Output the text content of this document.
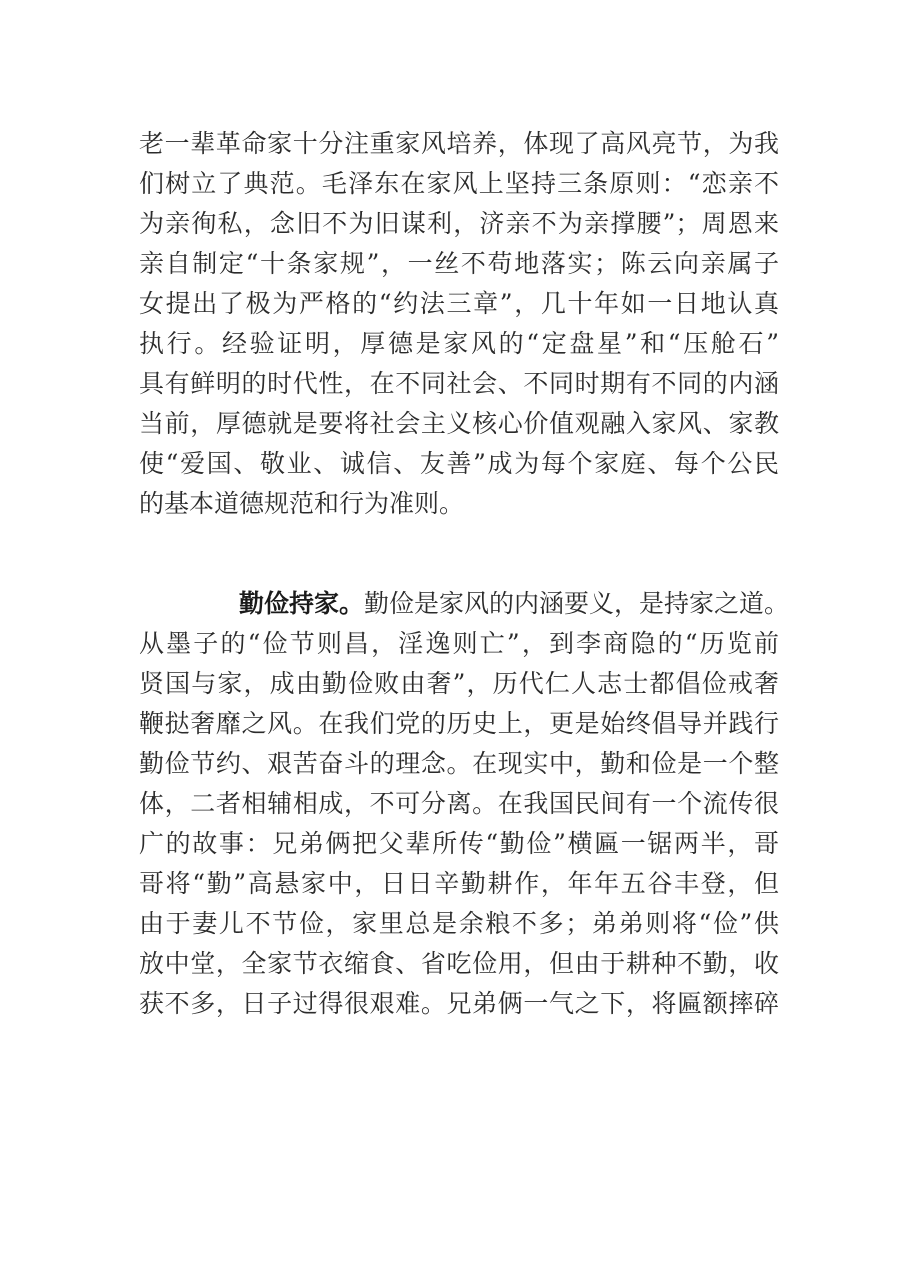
老一辈革命家十分注重家风培养，体现了高风亮节，为我
们树立了典范。毛泽东在家风上坚持三条原则：“恋亲不
为亲徇私，念旧不为旧谋利，济亲不为亲撑腰”；周恩来
亲自制定“十条家规”，一丝不苟地落实；陈云向亲属子
女提出了极为严格的“约法三章”，几十年如一日地认真
执行。经验证明，厚德是家风的“定盘星”和“压舱石”
具有鲜明的时代性，在不同社会、不同时期有不同的内涵
当前，厚德就是要将社会主义核心价值观融入家风、家教
使“爱国、敬业、诚信、友善”成为每个家庭、每个公民
的基本道德规范和行为准则。
勤俭持家。勤俭是家风的内涵要义，是持家之道。
从墨子的“俭节则昌，淫逸则亡”，到李商隐的“历览前
贤国与家，成由勤俭败由奢”，历代仁人志士都倡俭戒奢
鞭挞奢靡之风。在我们党的历史上，更是始终倡导并践行
勤俭节约、艰苦奋斗的理念。在现实中，勤和俭是一个整
体，二者相辅相成，不可分离。在我国民间有一个流传很
广的故事：兄弟俩把父辈所传“勤俭”横匾一锯两半，哥
哥将“勤”高悬家中，日日辛勤耕作，年年五谷丰登，但
由于妻儿不节俭，家里总是余粮不多；弟弟则将“俭”供
放中堂，全家节衣缩食、省吃俭用，但由于耕种不勤，收
获不多，日子过得很艰难。兄弟俩一气之下，将匾额摔碎
